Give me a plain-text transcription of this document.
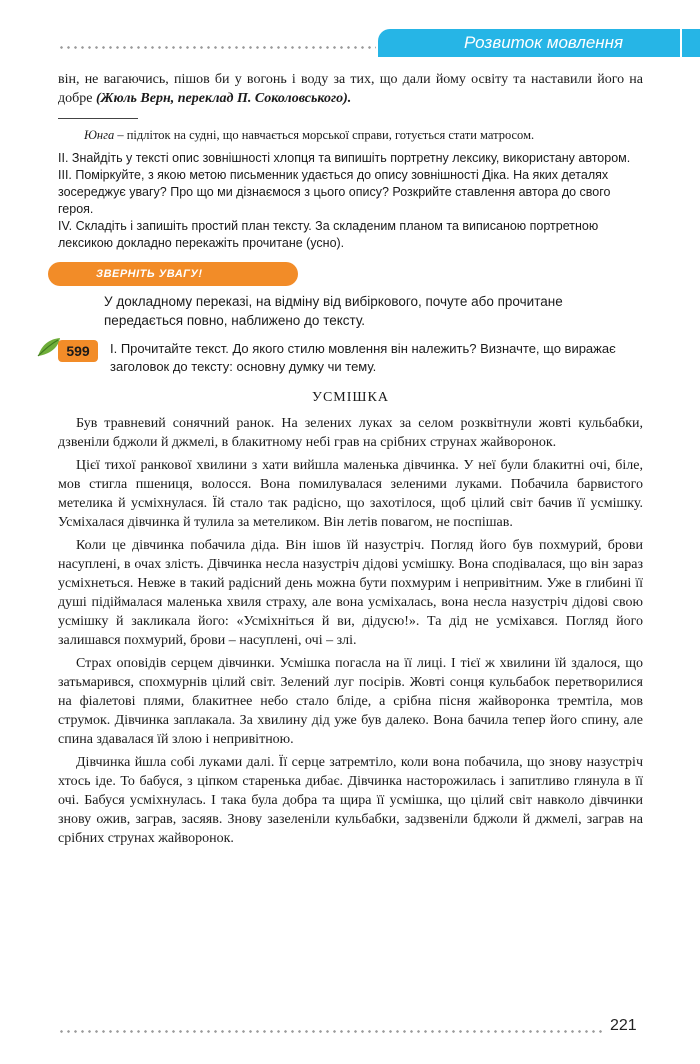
Розвиток мовлення

він, не вагаючись, пішов би у вогонь і воду за тих, що дали йому освіту та наставили його на добре (Жюль Верн, переклад П. Соколовського).

Юнга – підліток на судні, що навчається морської справи, готується стати матросом.

II. Знайдіть у тексті опис зовнішності хлопця та випишіть портретну лексику, використану автором.

III. Поміркуйте, з якою метою письменник удається до опису зовнішності Діка. На яких деталях зосереджує увагу? Про що ми дізнаємося з цього опису? Розкрийте ставлення автора до свого героя.

IV. Складіть і запишіть простий план тексту. За складеним планом та виписаною портретною лексикою докладно перекажіть прочитане (усно).

ЗВЕРНІТЬ УВАГУ!

У докладному переказі, на відміну від вибіркового, почуте або прочитане передається повно, наближено до тексту.

599	I. Прочитайте текст. До якого стилю мовлення він належить? Визначте, що виражає заголовок до тексту: основну думку чи тему.

УСМІШКА

Був травневий сонячний ранок. На зелених луках за селом розквітнули жовті кульбабки, дзвеніли бджоли й джмелі, в блакитному небі грав на срібних струнах жайворонок.

Цієї тихої ранкової хвилини з хати вийшла маленька дівчинка. У неї були блакитні очі, біле, мов стигла пшениця, волосся. Вона помилувалася зеленими луками. Побачила барвистого метелика й усміхнулася. Їй стало так радісно, що захотілося, щоб цілий світ бачив її усмішку. Усміхалася дівчинка й тулила за метеликом. Він летів повагом, не поспішав.

Коли це дівчинка побачила діда. Він ішов їй назустріч. Погляд його був похмурий, брови насуплені, в очах злість. Дівчинка несла назустріч дідові усмішку. Вона сподівалася, що він зараз усміхнеться. Невже в такий радісний день можна бути похмурим і непривітним. Уже в глибині її душі підіймалася маленька хвиля страху, але вона усміхалась, вона несла назустріч дідові свою усмішку й закликала його: «Усміхніться й ви, дідусю!». Та дід не усміхався. Погляд його залишався похмурий, брови – насуплені, очі – злі.

Страх оповідів серцем дівчинки. Усмішка погасла на її лиці. І тієї ж хвилини їй здалося, що затьмарився, спохмурнів цілий світ. Зелений луг посірів. Жовті сонця кульбабок перетворилися на фіалетові плями, блакитнее небо стало бліде, а срібна пісня жайворонка тремтіла, мов струмок. Дівчинка заплакала. За хвилину дід уже був далеко. Вона бачила тепер його спину, але спина здавалася їй злою і непривітною.

Дівчинка йшла собі луками далі. Її серце затремтіло, коли вона побачила, що знову назустріч хтось іде. То бабуся, з ціпком старенька дибає. Дівчинка насторожилась і запитливо глянула в її очі. Бабуся усміхнулась. І така була добра та щира її усмішка, що цілий світ навколо дівчинки знову ожив, заграв, засяяв. Знову зазеленіли кульбабки, задзвеніли бджоли й джмелі, заграв на срібних струнах жайворонок.

221
